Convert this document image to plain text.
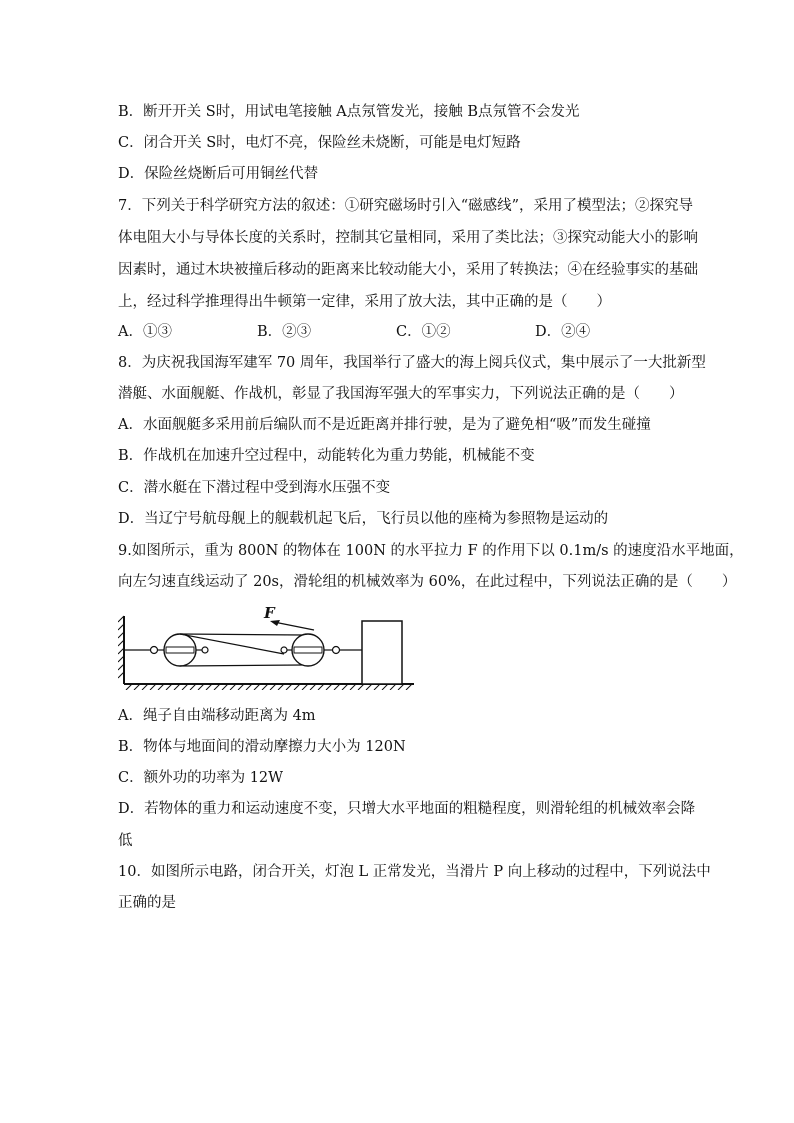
B．断开开关 S时，用试电笔接触 A点氖管发光，接触 B点氖管不会发光
C．闭合开关 S时，电灯不亮，保险丝未烧断，可能是电灯短路
D．保险丝烧断后可用铜丝代替
7．下列关于科学研究方法的叙述：①研究磁场时引入“磁感线”，采用了模型法；②探究导
体电阻大小与导体长度的关系时，控制其它量相同，采用了类比法；③探究动能大小的影响
因素时，通过木块被撞后移动的距离来比较动能大小，采用了转换法；④在经验事实的基础
上，经过科学推理得出牛顿第一定律，采用了放大法，其中正确的是（　　）
A．①③	B．②③	C．①②	D．②④
8．为庆祝我国海军建军 70 周年，我国举行了盛大的海上阅兵仪式，集中展示了一大批新型
潜艇、水面舰艇、作战机，彰显了我国海军强大的军事实力，下列说法正确的是（　　）
A．水面舰艇多采用前后编队而不是近距离并排行驶，是为了避免相“吸”而发生碰撞
B．作战机在加速升空过程中，动能转化为重力势能，机械能不变
C．潜水艇在下潜过程中受到海水压强不变
D．当辽宁号航母舰上的舰载机起飞后，飞行员以他的座椅为参照物是运动的
9.如图所示，重为 800N 的物体在 100N 的水平拉力 F 的作用下以 0.1m/s 的速度沿水平地面，
向左匀速直线运动了 20s，滑轮组的机械效率为 60%，在此过程中，下列说法正确的是（　　）
F
A．绳子自由端移动距离为 4m
B．物体与地面间的滑动摩擦力大小为 120N
C．额外功的功率为 12W
D．若物体的重力和运动速度不变，只增大水平地面的粗糙程度，则滑轮组的机械效率会降
低
10．如图所示电路，闭合开关，灯泡 L 正常发光，当滑片 P 向上移动的过程中，下列说法中
正确的是
